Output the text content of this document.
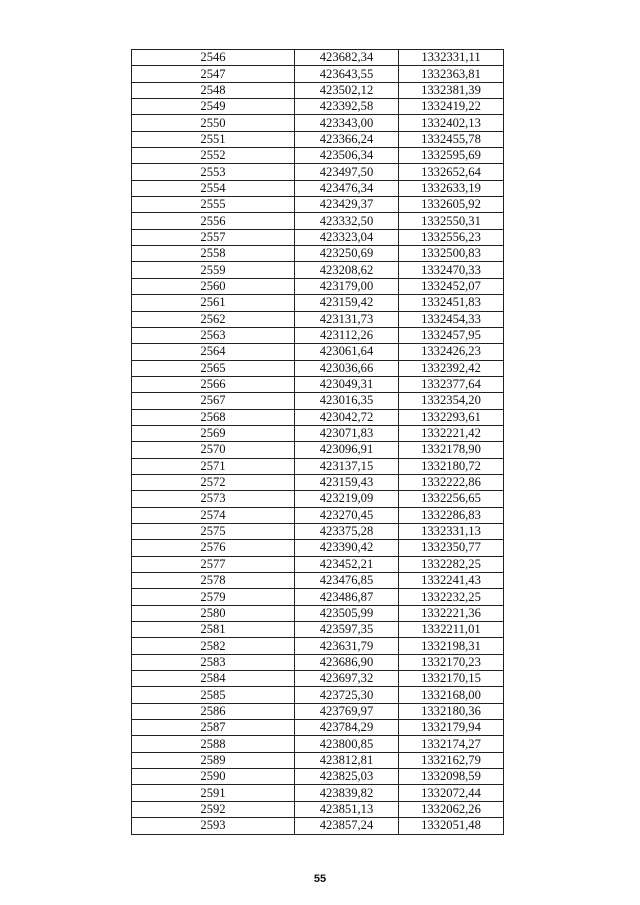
2546	423682,34	1332331,11
2547	423643,55	1332363,81
2548	423502,12	1332381,39
2549	423392,58	1332419,22
2550	423343,00	1332402,13
2551	423366,24	1332455,78
2552	423506,34	1332595,69
2553	423497,50	1332652,64
2554	423476,34	1332633,19
2555	423429,37	1332605,92
2556	423332,50	1332550,31
2557	423323,04	1332556,23
2558	423250,69	1332500,83
2559	423208,62	1332470,33
2560	423179,00	1332452,07
2561	423159,42	1332451,83
2562	423131,73	1332454,33
2563	423112,26	1332457,95
2564	423061,64	1332426,23
2565	423036,66	1332392,42
2566	423049,31	1332377,64
2567	423016,35	1332354,20
2568	423042,72	1332293,61
2569	423071,83	1332221,42
2570	423096,91	1332178,90
2571	423137,15	1332180,72
2572	423159,43	1332222,86
2573	423219,09	1332256,65
2574	423270,45	1332286,83
2575	423375,28	1332331,13
2576	423390,42	1332350,77
2577	423452,21	1332282,25
2578	423476,85	1332241,43
2579	423486,87	1332232,25
2580	423505,99	1332221,36
2581	423597,35	1332211,01
2582	423631,79	1332198,31
2583	423686,90	1332170,23
2584	423697,32	1332170,15
2585	423725,30	1332168,00
2586	423769,97	1332180,36
2587	423784,29	1332179,94
2588	423800,85	1332174,27
2589	423812,81	1332162,79
2590	423825,03	1332098,59
2591	423839,82	1332072,44
2592	423851,13	1332062,26
2593	423857,24	1332051,48
55
